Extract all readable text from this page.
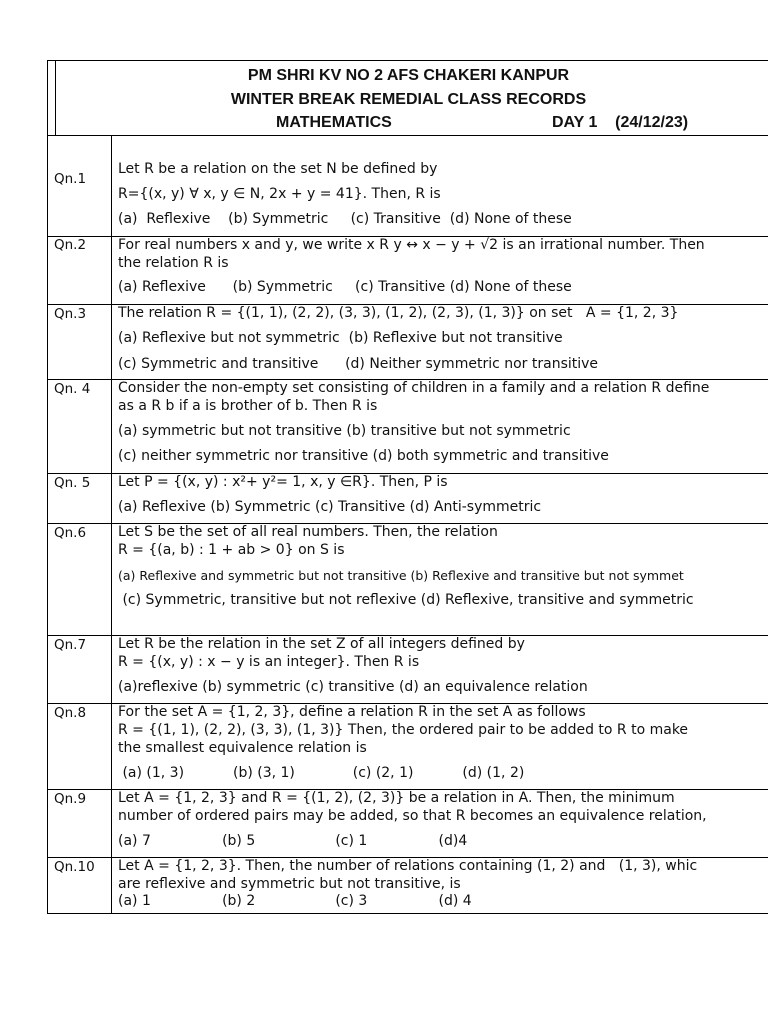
PM SHRI KV NO 2 AFS CHAKERI KANPUR
WINTER BREAK REMEDIAL CLASS RECORDS
MATHEMATICS	DAY 1    (24/12/23)
Qn.1
Let R be a relation on the set N be defined by
R={(x, y) ∀ x, y ∈ N, 2x + y = 41}. Then, R is
(a)  Reflexive    (b) Symmetric     (c) Transitive  (d) None of these
Qn.2 For real numbers x and y, we write x R y ↔ x − y + √2 is an irrational number. Then
the relation R is
(a) Reflexive      (b) Symmetric     (c) Transitive (d) None of these
Qn.3 The relation R = {(1, 1), (2, 2), (3, 3), (1, 2), (2, 3), (1, 3)} on set   A = {1, 2, 3}
(a) Reflexive but not symmetric  (b) Reflexive but not transitive
(c) Symmetric and transitive      (d) Neither symmetric nor transitive
Qn. 4 Consider the non-empty set consisting of children in a family and a relation R define
as a R b if a is brother of b. Then R is
(a) symmetric but not transitive (b) transitive but not symmetric
(c) neither symmetric nor transitive (d) both symmetric and transitive
Qn. 5 Let P = {(x, y) : x²+ y²= 1, x, y ∈R}. Then, P is
(a) Reflexive (b) Symmetric (c) Transitive (d) Anti-symmetric
Qn.6 Let S be the set of all real numbers. Then, the relation
R = {(a, b) : 1 + ab > 0} on S is
(a) Reflexive and symmetric but not transitive (b) Reflexive and transitive but not symmet
(c) Symmetric, transitive but not reflexive (d) Reflexive, transitive and symmetric
Qn.7 Let R be the relation in the set Z of all integers defined by
R = {(x, y) : x − y is an integer}. Then R is
(a)reflexive (b) symmetric (c) transitive (d) an equivalence relation
Qn.8 For the set A = {1, 2, 3}, define a relation R in the set A as follows
R = {(1, 1), (2, 2), (3, 3), (1, 3)} Then, the ordered pair to be added to R to make
the smallest equivalence relation is
(a) (1, 3)           (b) (3, 1)             (c) (2, 1)           (d) (1, 2)
Qn.9 Let A = {1, 2, 3} and R = {(1, 2), (2, 3)} be a relation in A. Then, the minimum
number of ordered pairs may be added, so that R becomes an equivalence relation,
(a) 7                (b) 5                  (c) 1                (d)4
Qn.10 Let A = {1, 2, 3}. Then, the number of relations containing (1, 2) and   (1, 3), whic
are reflexive and symmetric but not transitive, is
(a) 1                (b) 2                  (c) 3                (d) 4
